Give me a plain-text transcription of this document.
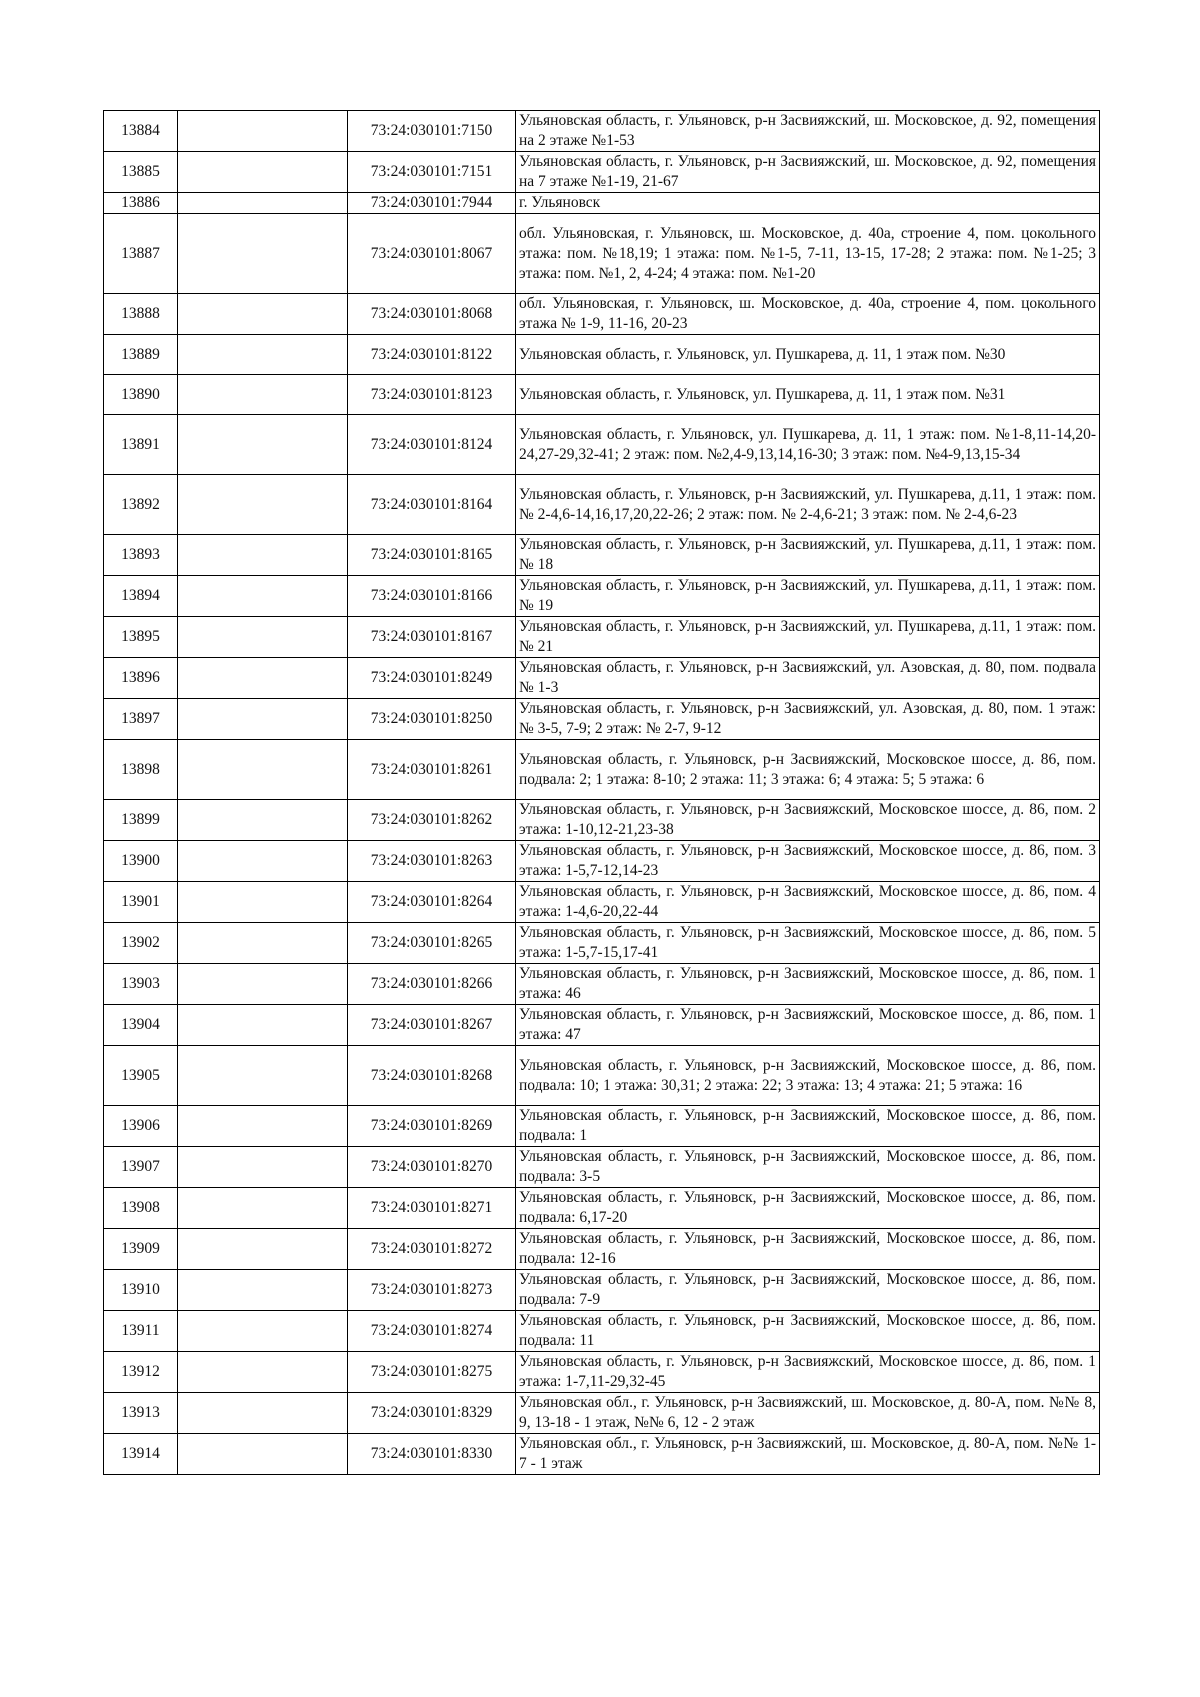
13884		73:24:030101:7150	Ульяновская область, г. Ульяновск, р-н Засвияжский, ш. Московское, д. 92, помещения на 2 этаже №1-53
13885		73:24:030101:7151	Ульяновская область, г. Ульяновск, р-н Засвияжский, ш. Московское, д. 92, помещения на 7 этаже №1-19, 21-67
13886		73:24:030101:7944	г. Ульяновск
13887		73:24:030101:8067	обл. Ульяновская, г. Ульяновск, ш. Московское, д. 40а, строение 4, пом. цокольного этажа: пом. №18,19; 1 этажа: пом. №1-5, 7-11, 13-15, 17-28; 2 этажа: пом. №1-25; 3 этажа: пом. №1, 2, 4-24; 4 этажа: пом. №1-20
13888		73:24:030101:8068	обл. Ульяновская, г. Ульяновск, ш. Московское, д. 40а, строение 4, пом. цокольного этажа № 1-9, 11-16, 20-23
13889		73:24:030101:8122	Ульяновская область, г. Ульяновск, ул. Пушкарева, д. 11, 1 этаж пом. №30
13890		73:24:030101:8123	Ульяновская область, г. Ульяновск, ул. Пушкарева, д. 11, 1 этаж пом. №31
13891		73:24:030101:8124	Ульяновская область, г. Ульяновск, ул. Пушкарева, д. 11, 1 этаж: пом. №1-8,11-14,20-24,27-29,32-41; 2 этаж: пом. №2,4-9,13,14,16-30; 3 этаж: пом. №4-9,13,15-34
13892		73:24:030101:8164	Ульяновская область, г. Ульяновск, р-н Засвияжский, ул. Пушкарева, д.11, 1 этаж: пом. № 2-4,6-14,16,17,20,22-26; 2 этаж: пом. № 2-4,6-21; 3 этаж: пом. № 2-4,6-23
13893		73:24:030101:8165	Ульяновская область, г. Ульяновск, р-н Засвияжский, ул. Пушкарева, д.11, 1 этаж: пом. № 18
13894		73:24:030101:8166	Ульяновская область, г. Ульяновск, р-н Засвияжский, ул. Пушкарева, д.11, 1 этаж: пом. № 19
13895		73:24:030101:8167	Ульяновская область, г. Ульяновск, р-н Засвияжский, ул. Пушкарева, д.11, 1 этаж: пом. № 21
13896		73:24:030101:8249	Ульяновская область, г. Ульяновск, р-н Засвияжский, ул. Азовская, д. 80, пом. подвала № 1-3
13897		73:24:030101:8250	Ульяновская область, г. Ульяновск, р-н Засвияжский, ул. Азовская, д. 80, пом. 1 этаж: № 3-5, 7-9; 2 этаж: № 2-7, 9-12
13898		73:24:030101:8261	Ульяновская область, г. Ульяновск, р-н Засвияжский, Московское шоссе, д. 86, пом. подвала: 2; 1 этажа: 8-10; 2 этажа: 11; 3 этажа: 6; 4 этажа: 5; 5 этажа: 6
13899		73:24:030101:8262	Ульяновская область, г. Ульяновск, р-н Засвияжский, Московское шоссе, д. 86, пом. 2 этажа: 1-10,12-21,23-38
13900		73:24:030101:8263	Ульяновская область, г. Ульяновск, р-н Засвияжский, Московское шоссе, д. 86, пом. 3 этажа: 1-5,7-12,14-23
13901		73:24:030101:8264	Ульяновская область, г. Ульяновск, р-н Засвияжский, Московское шоссе, д. 86, пом. 4 этажа: 1-4,6-20,22-44
13902		73:24:030101:8265	Ульяновская область, г. Ульяновск, р-н Засвияжский, Московское шоссе, д. 86, пом. 5 этажа: 1-5,7-15,17-41
13903		73:24:030101:8266	Ульяновская область, г. Ульяновск, р-н Засвияжский, Московское шоссе, д. 86, пом. 1 этажа: 46
13904		73:24:030101:8267	Ульяновская область, г. Ульяновск, р-н Засвияжский, Московское шоссе, д. 86, пом. 1 этажа: 47
13905		73:24:030101:8268	Ульяновская область, г. Ульяновск, р-н Засвияжский, Московское шоссе, д. 86, пом. подвала: 10; 1 этажа: 30,31; 2 этажа: 22; 3 этажа: 13; 4 этажа: 21; 5 этажа: 16
13906		73:24:030101:8269	Ульяновская область, г. Ульяновск, р-н Засвияжский, Московское шоссе, д. 86, пом. подвала: 1
13907		73:24:030101:8270	Ульяновская область, г. Ульяновск, р-н Засвияжский, Московское шоссе, д. 86, пом. подвала: 3-5
13908		73:24:030101:8271	Ульяновская область, г. Ульяновск, р-н Засвияжский, Московское шоссе, д. 86, пом. подвала: 6,17-20
13909		73:24:030101:8272	Ульяновская область, г. Ульяновск, р-н Засвияжский, Московское шоссе, д. 86, пом. подвала: 12-16
13910		73:24:030101:8273	Ульяновская область, г. Ульяновск, р-н Засвияжский, Московское шоссе, д. 86, пом. подвала: 7-9
13911		73:24:030101:8274	Ульяновская область, г. Ульяновск, р-н Засвияжский, Московское шоссе, д. 86, пом. подвала: 11
13912		73:24:030101:8275	Ульяновская область, г. Ульяновск, р-н Засвияжский, Московское шоссе, д. 86, пом. 1 этажа: 1-7,11-29,32-45
13913		73:24:030101:8329	Ульяновская обл., г. Ульяновск, р-н Засвияжский, ш. Московское, д. 80-А, пом. №№ 8, 9, 13-18 - 1 этаж, №№ 6, 12 - 2 этаж
13914		73:24:030101:8330	Ульяновская обл., г. Ульяновск, р-н Засвияжский, ш. Московское, д. 80-А, пом. №№ 1-7 - 1 этаж
